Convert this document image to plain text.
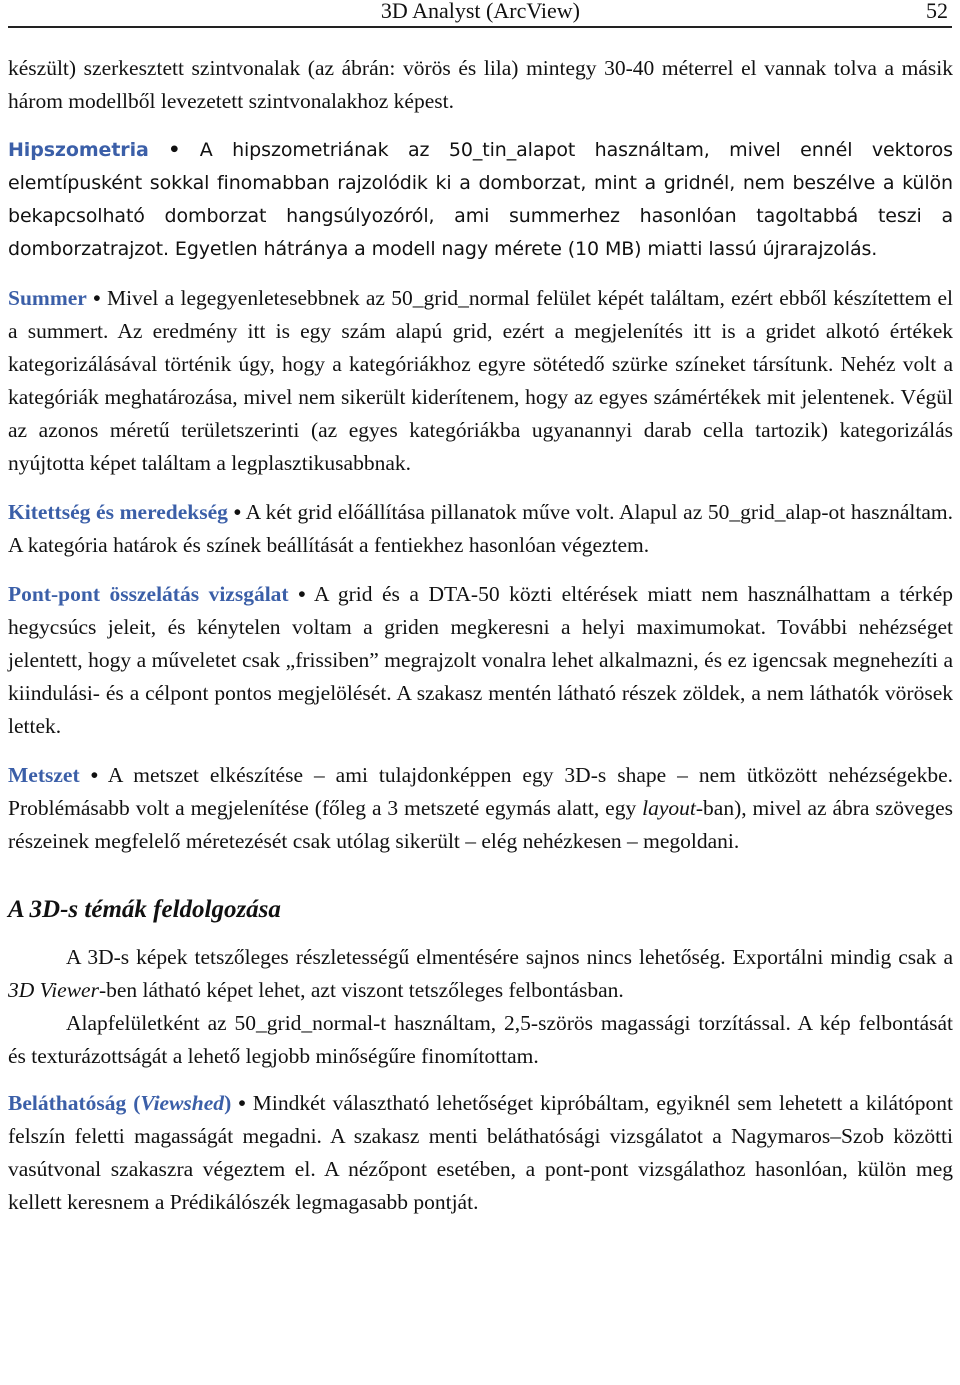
3D Analyst (ArcView)	52

készült) szerkesztett szintvonalak (az ábrán: vörös és lila) mintegy 30-40 méterrel el vannak tolva a másik három modellből levezetett szintvonalakhoz képest.

Hipszometria • A hipszometriának az 50_tin_alapot használtam, mivel ennél vektoros elemtípusként sokkal finomabban rajzolódik ki a domborzat, mint a gridnél, nem beszélve a külön bekapcsolható domborzat hangsúlyozóról, ami summerhez hasonlóan tagoltabbá teszi a domborzatrajzot. Egyetlen hátránya a modell nagy mérete (10 MB) miatti lassú újrarajzolás.

Summer • Mivel a legegyenletesebbnek az 50_grid_normal felület képét találtam, ezért ebből készítettem el a summert. Az eredmény itt is egy szám alapú grid, ezért a megjelenítés itt is a gridet alkotó értékek kategorizálásával történik úgy, hogy a kategóriákhoz egyre sötétedő szürke színeket társítunk. Nehéz volt a kategóriák meghatározása, mivel nem sikerült kiderítenem, hogy az egyes számértékek mit jelentenek. Végül az azonos méretű területszerinti (az egyes kategóriákba ugyanannyi darab cella tartozik) kategorizálás nyújtotta képet találtam a legplasztikusabbnak.

Kitettség és meredekség • A két grid előállítása pillanatok műve volt. Alapul az 50_grid_alap-ot használtam. A kategória határok és színek beállítását a fentiekhez hasonlóan végeztem.

Pont-pont összelátás vizsgálat • A grid és a DTA-50 közti eltérések miatt nem használhattam a térkép hegycsúcs jeleit, és kénytelen voltam a griden megkeresni a helyi maximumokat. További nehézséget jelentett, hogy a műveletet csak „frissiben” megrajzolt vonalra lehet alkalmazni, és ez igencsak megnehezíti a kiindulási- és a célpont pontos megjelölését. A szakasz mentén látható részek zöldek, a nem láthatók vörösek lettek.

Metszet • A metszet elkészítése – ami tulajdonképpen egy 3D-s shape – nem ütközött nehézségekbe. Problémásabb volt a megjelenítése (főleg a 3 metszeté egymás alatt, egy layout-ban), mivel az ábra szöveges részeinek megfelelő méretezését csak utólag sikerült – elég nehézkesen – megoldani.

A 3D-s témák feldolgozása

A 3D-s képek tetszőleges részletességű elmentésére sajnos nincs lehetőség. Exportálni mindig csak a 3D Viewer-ben látható képet lehet, azt viszont tetszőleges felbontásban.

Alapfelületként az 50_grid_normal-t használtam, 2,5-szörös magassági torzítással. A kép felbontását és texturázottságát a lehető legjobb minőségűre finomítottam.

Beláthatóság (Viewshed) • Mindkét választható lehetőséget kipróbáltam, egyiknél sem lehetett a kilátópont felszín feletti magasságát megadni. A szakasz menti beláthatósági vizsgálatot a Nagymaros–Szob közötti vasútvonal szakaszra végeztem el. A nézőpont esetében, a pont-pont vizsgálathoz hasonlóan, külön meg kellett keresnem a Prédikálószék legmagasabb pontját.
